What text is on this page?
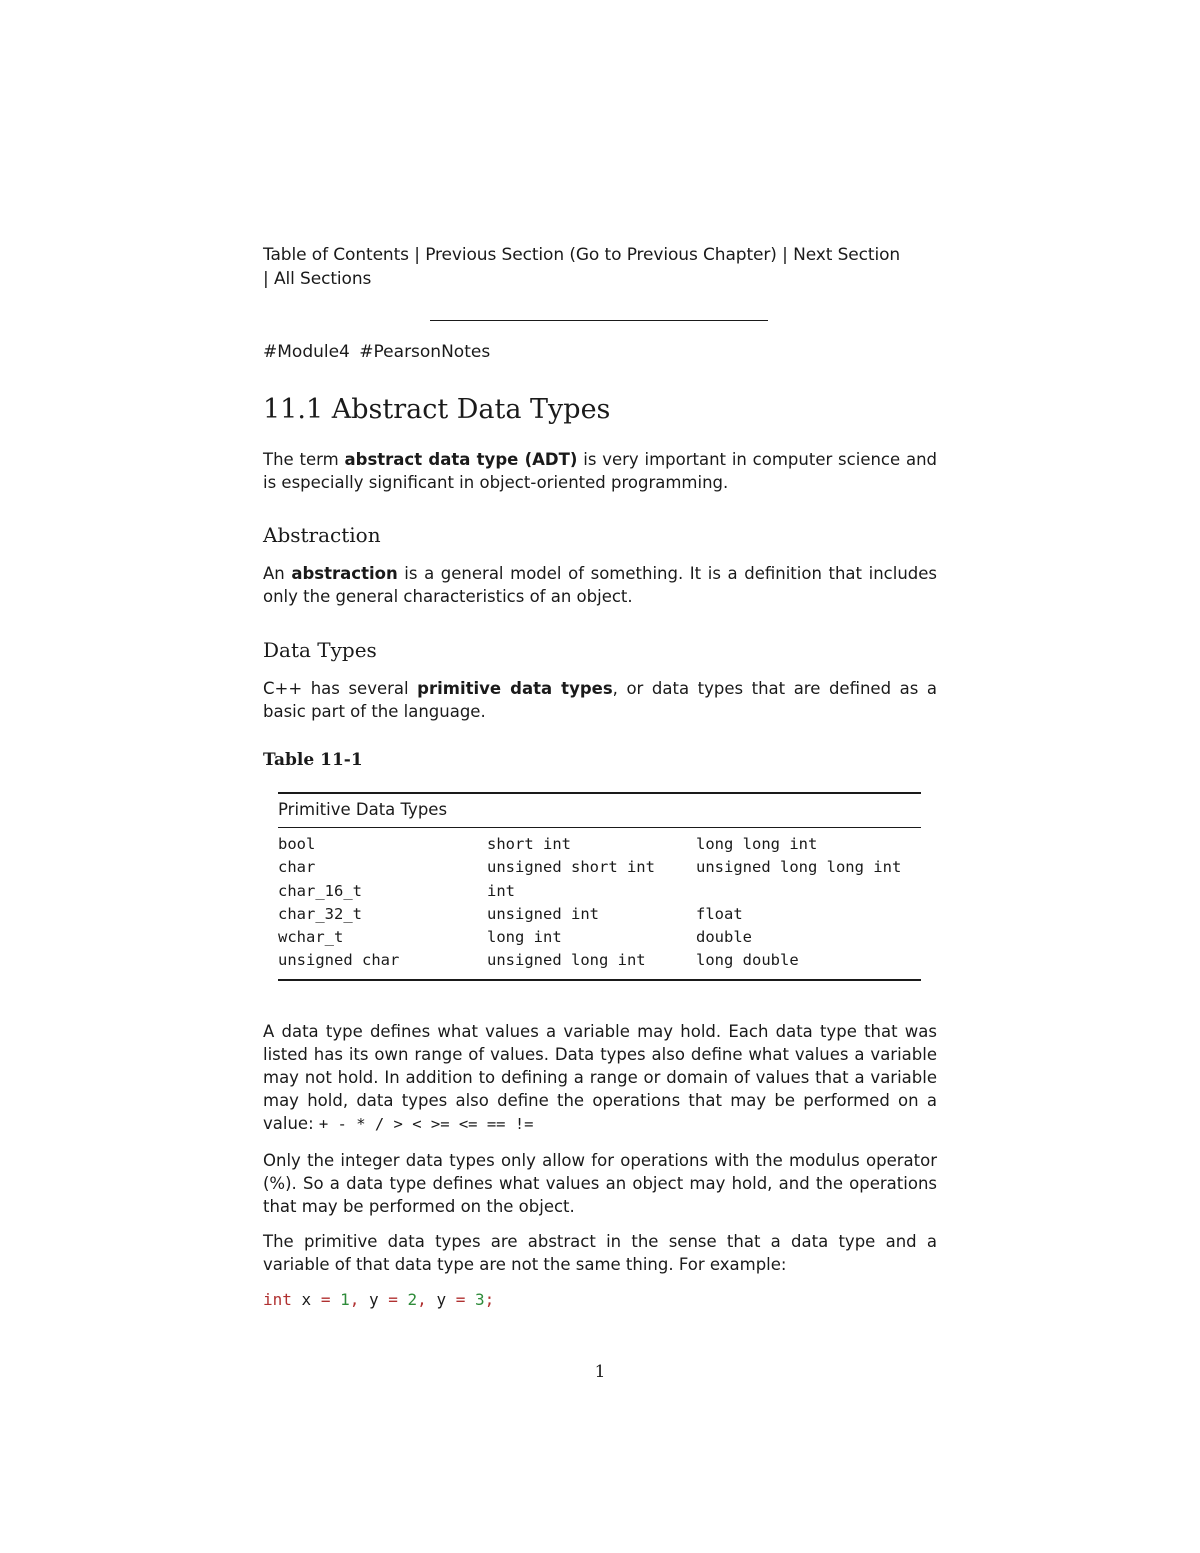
Table of Contents | Previous Section (Go to Previous Chapter) | Next Section
| All Sections
#Module4 #PearsonNotes
11.1 Abstract Data Types

The term abstract data type (ADT) is very important in computer science and is especially significant in object-oriented programming.

Abstraction

An abstraction is a general model of something. It is a definition that includes only the general characteristics of an object.

Data Types

C++ has several primitive data types, or data types that are defined as a basic part of the language.

Table 11-1
Primitive Data Types
bool	short int	long long int
char	unsigned short int	unsigned long long int
char_16_t	int
char_32_t	unsigned int	float
wchar_t	long int	double
unsigned char	unsigned long int	long double

A data type defines what values a variable may hold. Each data type that was listed has its own range of values. Data types also define what values a variable may not hold. In addition to defining a range or domain of values that a variable may hold, data types also define the operations that may be performed on a value: + - * / > < >= <= == !=

Only the integer data types only allow for operations with the modulus operator (%). So a data type defines what values an object may hold, and the operations that may be performed on the object.

The primitive data types are abstract in the sense that a data type and a variable of that data type are not the same thing. For example:

int x = 1, y = 2, y = 3;
1
